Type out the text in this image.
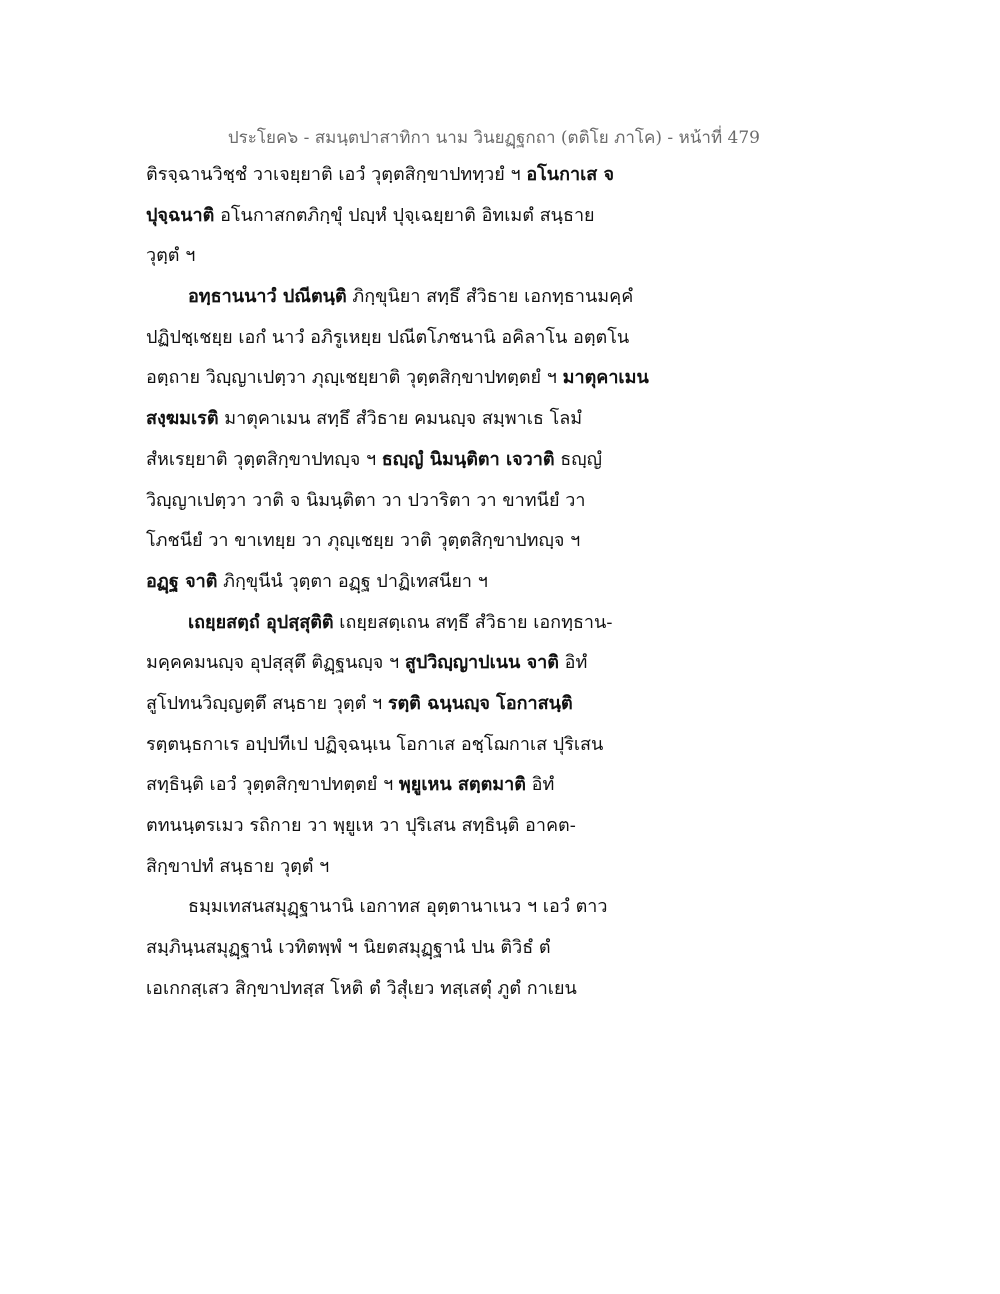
ประโยค๖ - สมนฺตปาสาทิกา นาม วินยฏฺฐกถา (ตติโย ภาโค) - หน้าที่ 479
ติรจฺฉานวิชฺชํ วาเจยฺยาติ เอวํ วุตฺตสิกฺขาปททฺวยํ ฯ อโนกาเส จ
ปุจฺฉนาติ อโนกาสกตภิกฺขุํ ปญฺหํ ปุจฺเฉยฺยาติ อิทเมตํ สนฺธาย
วุตฺตํ ฯ
อทฺธานนาวํ ปณีตนฺติ ภิกฺขุนิยา สทฺธึ สํวิธาย เอกทฺธานมคฺคํ
ปฏิปชฺเชยฺย เอกํ นาวํ อภิรูเหยฺย ปณีตโภชนานิ อคิลาโน อตฺตโน
อตฺถาย วิญฺญาเปตฺวา ภุญฺเชยฺยาติ วุตฺตสิกฺขาปทตฺตยํ ฯ มาตุคาเมน
สงฺฆมเรติ มาตุคาเมน สทฺธึ สํวิธาย คมนญฺจ สมฺพาเธ โลมํ
สํหเรยฺยาติ วุตฺตสิกฺขาปทญฺจ ฯ ธญฺญํ นิมนฺติตา เจวาติ ธญฺญํ
วิญฺญาเปตฺวา วาติ จ นิมนฺติตา วา ปวาริตา วา ขาทนียํ วา
โภชนียํ วา ขาเทยฺย วา ภุญฺเชยฺย วาติ วุตฺตสิกฺขาปทญฺจ ฯ
อฏฺฐ จาติ ภิกฺขุนีนํ วุตฺตา อฏฺฐ ปาฏิเทสนียา ฯ
เถยฺยสตฺถํ อุปสฺสุติติ เถยฺยสตฺเถน สทฺธึ สํวิธาย เอกทฺธาน-
มคฺคคมนญฺจ อุปสฺสุตึ ติฏฺฐนญฺจ ฯ สูปวิญฺญาปเนน จาติ อิทํ
สูโปทนวิญฺญตฺตึ สนฺธาย วุตฺตํ ฯ รตฺติ ฉนฺนญฺจ โอกาสนฺติ
รตฺตนฺธกาเร อปฺปทีเป ปฏิจฺฉนฺเน โอกาเส อชฺโฌกาเส ปุริเสน
สทฺธินฺติ เอวํ วุตฺตสิกฺขาปทตฺตยํ ฯ พฺยูเหน สตฺตมาติ อิทํ
ตทนนฺตรเมว รถิกาย วา พฺยูเห วา ปุริเสน สทฺธินฺติ อาคต-
สิกฺขาปทํ สนฺธาย วุตฺตํ ฯ
ธมฺมเทสนสมุฏฺฐานานิ เอกาทส อุตฺตานาเนว ฯ เอวํ ตาว
สมฺภินฺนสมุฏฺฐานํ เวทิตพฺพํ ฯ นิยตสมุฏฺฐานํ ปน ติวิธํ ตํ
เอเกกสฺเสว สิกฺขาปทสฺส โหติ ตํ วิสุํเยว ทสฺเสตุํ ภูตํ กาเยน
